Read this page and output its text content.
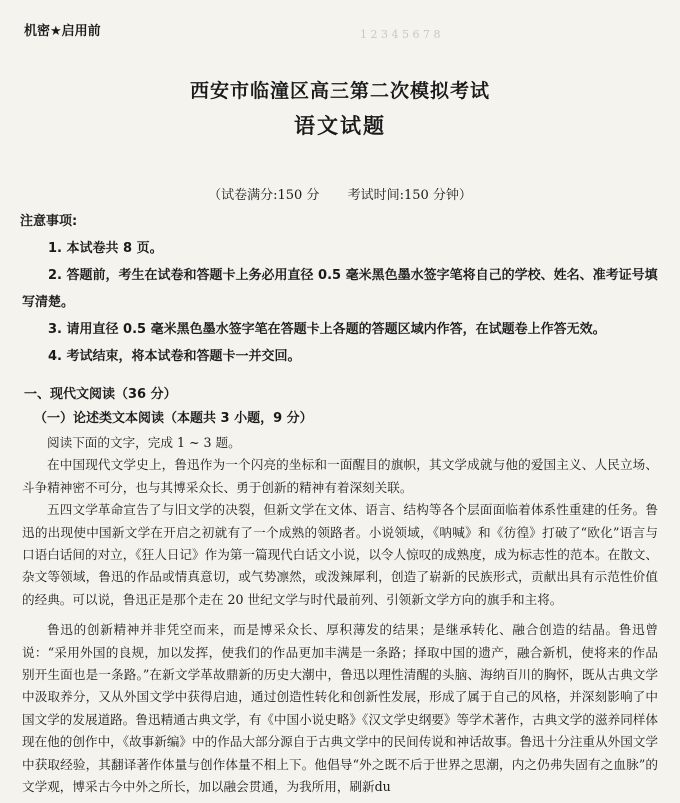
机密★启用前	1 2 3 4 5 6 7 8
西安市临潼区高三第二次模拟考试
语文试题
（试卷满分:150 分 考试时间:150 分钟）
注意事项:
1. 本试卷共 8 页。
2. 答题前，考生在试卷和答题卡上务必用直径 0.5 毫米黑色墨水签字笔将自己的学校、姓名、准考证号填写清楚。
3. 请用直径 0.5 毫米黑色墨水签字笔在答题卡上各题的答题区域内作答，在试题卷上作答无效。
4. 考试结束，将本试卷和答题卡一并交回。
一、现代文阅读（36 分）
（一）论述类文本阅读（本题共 3 小题，9 分）
阅读下面的文字，完成 1 ~ 3 题。

在中国现代文学史上，鲁迅作为一个闪亮的坐标和一面醒目的旗帜，其文学成就与他的爱国主义、人民立场、斗争精神密不可分，也与其博采众长、勇于创新的精神有着深刻关联。

五四文学革命宣告了与旧文学的决裂，但新文学在文体、语言、结构等各个层面面临着体系性重建的任务。鲁迅的出现使中国新文学在开启之初就有了一个成熟的领路者。小说领域，《呐喊》和《彷徨》打破了“欧化”语言与口语白话间的对立，《狂人日记》作为第一篇现代白话文小说，以令人惊叹的成熟度，成为标志性的范本。在散文、杂文等领域，鲁迅的作品或情真意切，或气势凛然，或泼辣犀利，创造了崭新的民族形式，贡献出具有示范性价值的经典。可以说，鲁迅正是那个走在 20 世纪文学与时代最前列、引领新文学方向的旗手和主将。

鲁迅的创新精神并非凭空而来，而是博采众长、厚积薄发的结果；是继承转化、融合创造的结晶。鲁迅曾说：“采用外国的良规，加以发挥，使我们的作品更加丰满是一条路；择取中国的遗产，融合新机，使将来的作品别开生面也是一条路。”在新文学革故鼎新的历史大潮中，鲁迅以理性清醒的头脑、海纳百川的胸怀，既从古典文学中汲取养分，又从外国文学中获得启迪，通过创造性转化和创新性发展，形成了属于自己的风格，并深刻影响了中国文学的发展道路。鲁迅精通古典文学，有《中国小说史略》《汉文学史纲要》等学术著作，古典文学的滋养同样体现在他的创作中，《故事新编》中的作品大部分源自于古典文学中的民间传说和神话故事。鲁迅十分注重从外国文学中获取经验，其翻译著作体量与创作体量不相上下。他倡导“外之既不后于世界之思潮，内之仍弗失固有之血脉”的文学观，博采古今中外之所长，加以融会贯通，为我所用，刷新du
